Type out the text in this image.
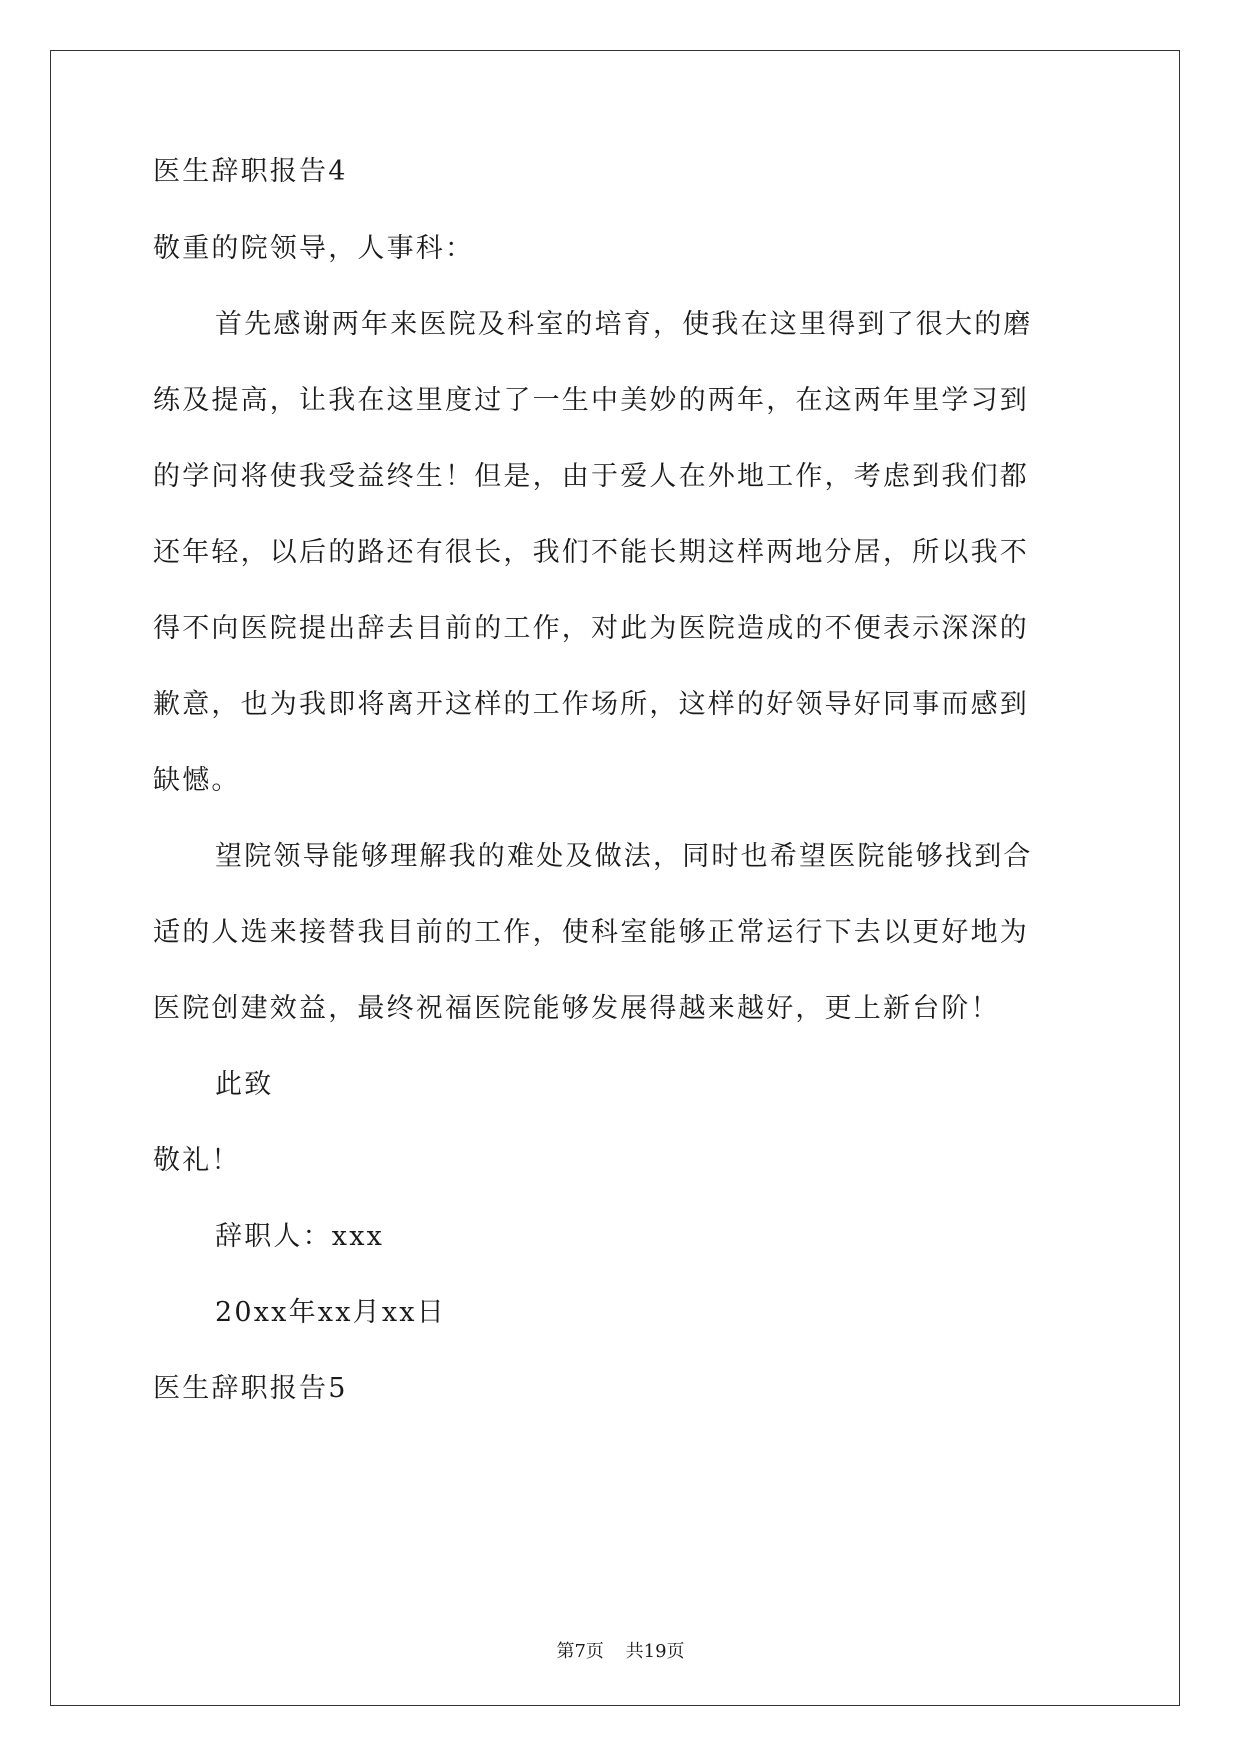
医生辞职报告4
敬重的院领导，人事科：
首先感谢两年来医院及科室的培育，使我在这里得到了很大的磨
练及提高，让我在这里度过了一生中美妙的两年，在这两年里学习到
的学问将使我受益终生！但是，由于爱人在外地工作，考虑到我们都
还年轻，以后的路还有很长，我们不能长期这样两地分居，所以我不
得不向医院提出辞去目前的工作，对此为医院造成的不便表示深深的
歉意，也为我即将离开这样的工作场所，这样的好领导好同事而感到
缺憾。
望院领导能够理解我的难处及做法，同时也希望医院能够找到合
适的人选来接替我目前的工作，使科室能够正常运行下去以更好地为
医院创建效益，最终祝福医院能够发展得越来越好，更上新台阶！
此致
敬礼！
辞职人：xxx
20xx年xx月xx日
医生辞职报告5
第7页 共19页
